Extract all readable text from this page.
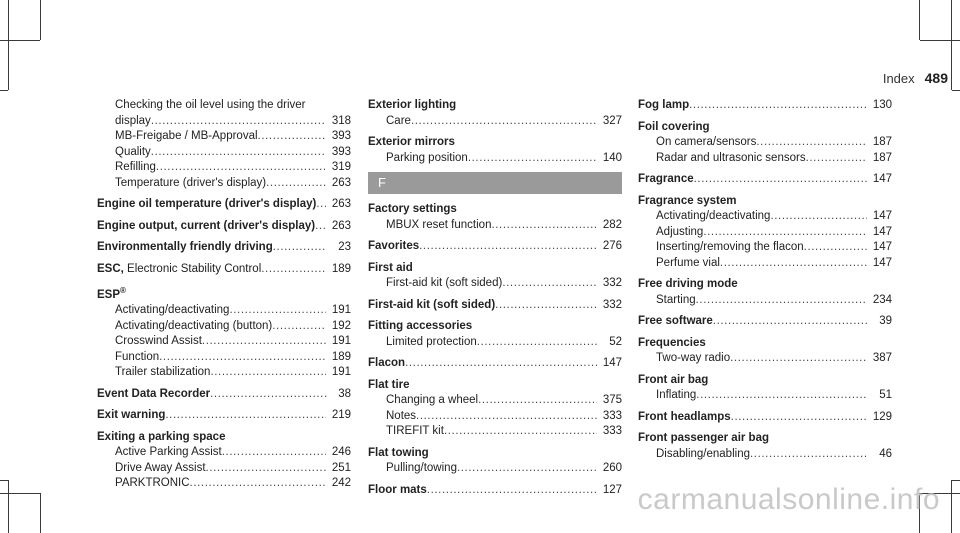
Index 489
Checking the oil level using the driver
display .....	318
MB-Freigabe / MB-Approval .....	393
Quality .....	393
Refilling .....	319
Temperature (driver's display) .....	263
Engine oil temperature (driver's display) .....	263
Engine output, current (driver's display) .....	263
Environmentally friendly driving .....	23
ESC, Electronic Stability Control .....	189
ESP®
Activating/deactivating .....	191
Activating/deactivating (button) .....	192
Crosswind Assist .....	191
Function .....	189
Trailer stabilization .....	191
Event Data Recorder .....	38
Exit warning .....	219
Exiting a parking space
Active Parking Assist .....	246
Drive Away Assist .....	251
PARKTRONIC .....	242
Exterior lighting
Care .....	327
Exterior mirrors
Parking position .....	140
F
Factory settings
MBUX reset function .....	282
Favorites .....	276
First aid
First-aid kit (soft sided) .....	332
First-aid kit (soft sided) .....	332
Fitting accessories
Limited protection .....	52
Flacon .....	147
Flat tire
Changing a wheel .....	375
Notes .....	333
TIREFIT kit .....	333
Flat towing
Pulling/towing .....	260
Floor mats .....	127
Fog lamp .....	130
Foil covering
On camera/sensors .....	187
Radar and ultrasonic sensors .....	187
Fragrance .....	147
Fragrance system
Activating/deactivating .....	147
Adjusting .....	147
Inserting/removing the flacon .....	147
Perfume vial .....	147
Free driving mode
Starting .....	234
Free software .....	39
Frequencies
Two-way radio .....	387
Front air bag
Inflating .....	51
Front headlamps .....	129
Front passenger air bag
Disabling/enabling .....	46
carmanualsonline.info
